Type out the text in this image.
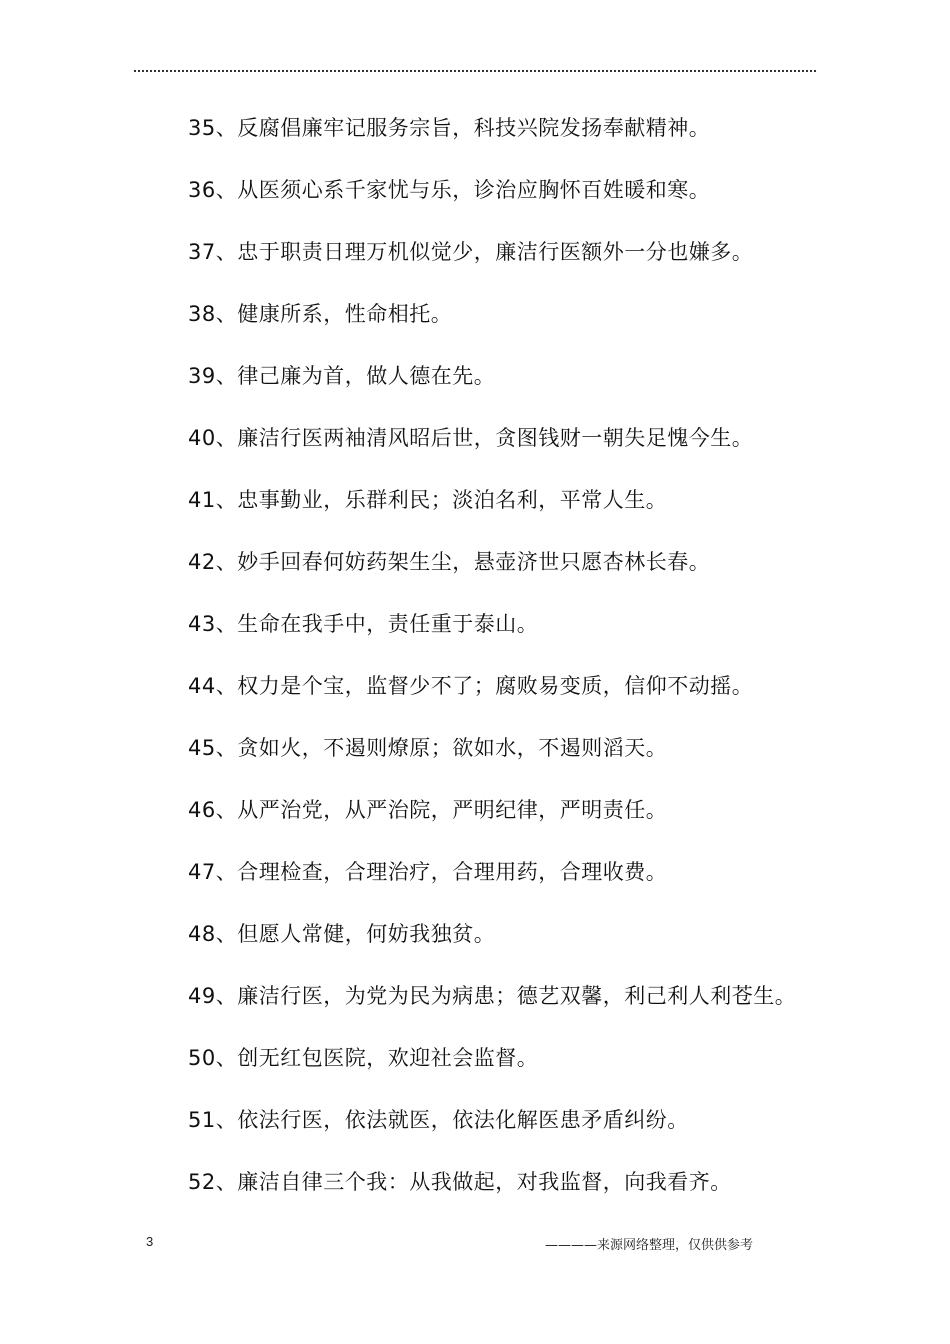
35、反腐倡廉牢记服务宗旨，科技兴院发扬奉献精神。
36、从医须心系千家忧与乐，诊治应胸怀百姓暖和寒。
37、忠于职责日理万机似觉少，廉洁行医额外一分也嫌多。
38、健康所系，性命相托。
39、律己廉为首，做人德在先。
40、廉洁行医两袖清风昭后世，贪图钱财一朝失足愧今生。
41、忠事勤业，乐群利民；淡泊名利，平常人生。
42、妙手回春何妨药架生尘，悬壶济世只愿杏林长春。
43、生命在我手中，责任重于泰山。
44、权力是个宝，监督少不了；腐败易变质，信仰不动摇。
45、贪如火，不遏则燎原；欲如水，不遏则滔天。
46、从严治党，从严治院，严明纪律，严明责任。
47、合理检查，合理治疗，合理用药，合理收费。
48、但愿人常健，何妨我独贫。
49、廉洁行医，为党为民为病患；德艺双馨，利己利人利苍生。
50、创无红包医院，欢迎社会监督。
51、依法行医，依法就医，依法化解医患矛盾纠纷。
52、廉洁自律三个我：从我做起，对我监督，向我看齐。
3	————来源网络整理，仅供供参考
